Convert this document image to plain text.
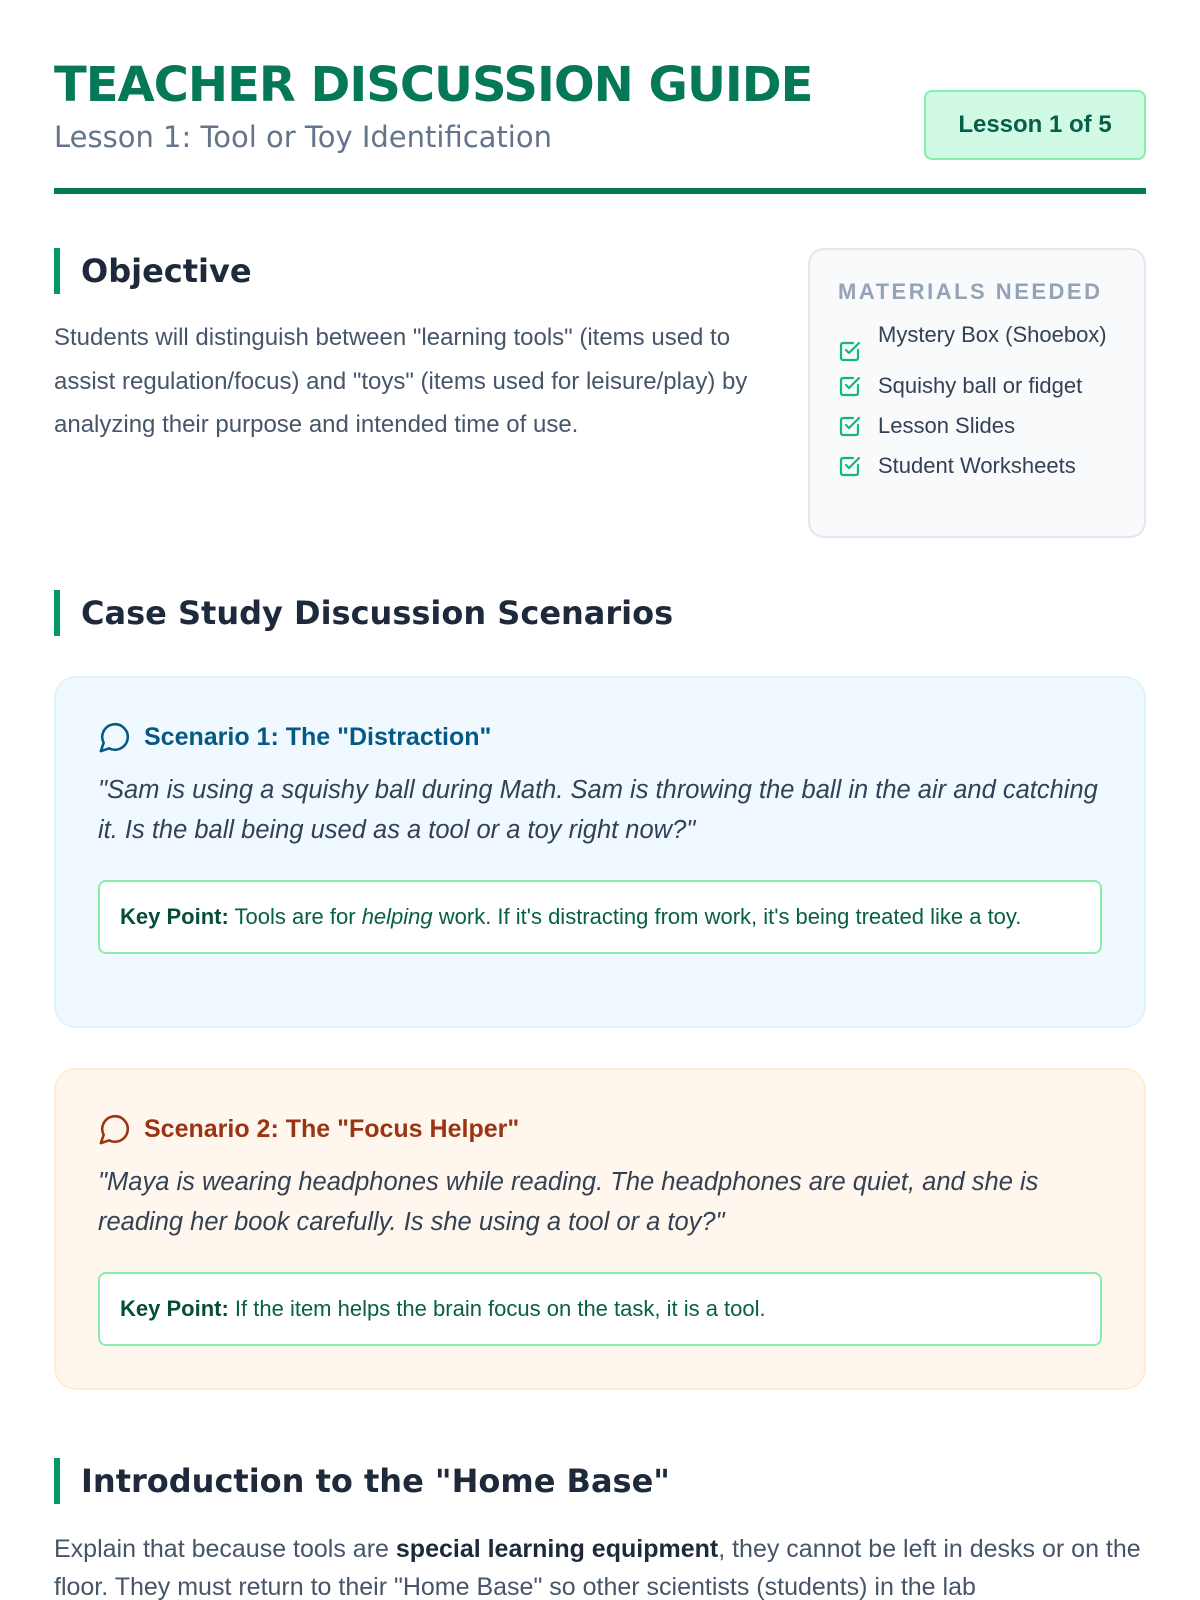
TEACHER DISCUSSION GUIDE
Lesson 1: Tool or Toy Identification	Lesson 1 of 5
Objective

Students will distinguish between "learning tools" (items used to assist regulation/focus) and "toys" (items used for leisure/play) by analyzing their purpose and intended time of use.

MATERIALS NEEDED
Mystery Box (Shoebox)
Squishy ball or fidget
Lesson Slides
Student Worksheets
Case Study Discussion Scenarios
Scenario 1: The "Distraction"

"Sam is using a squishy ball during Math. Sam is throwing the ball in the air and catching it. Is the ball being used as a tool or a toy right now?"

Key Point: Tools are for helping work. If it's distracting from work, it's being treated like a toy.
Scenario 2: The "Focus Helper"

"Maya is wearing headphones while reading. The headphones are quiet, and she is reading her book carefully. Is she using a tool or a toy?"

Key Point: If the item helps the brain focus on the task, it is a tool.
Introduction to the "Home Base"

Explain that because tools are special learning equipment, they cannot be left in desks or on the floor. They must return to their "Home Base" so other scientists (students) in the lab
